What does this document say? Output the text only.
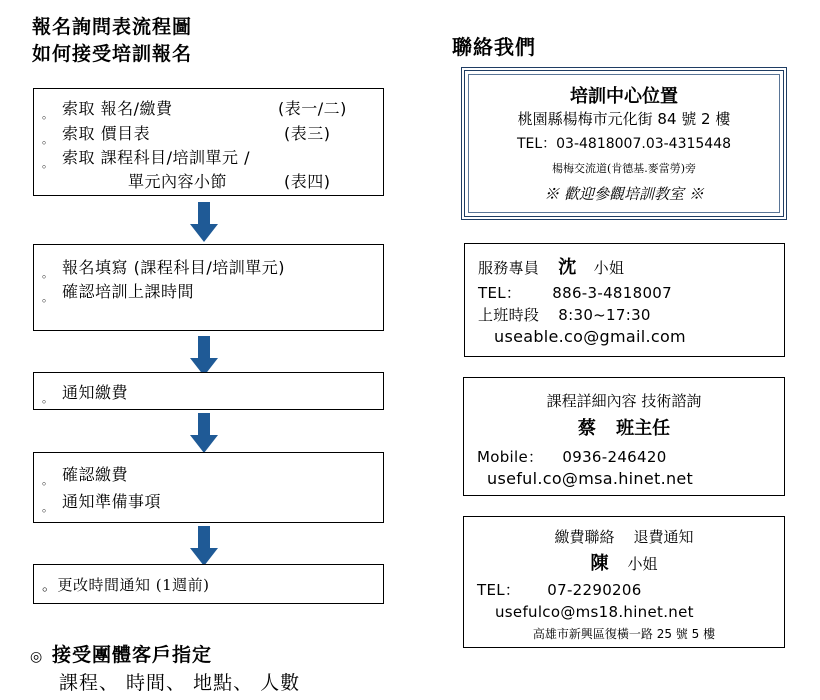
報名詢問表流程圖
如何接受培訓報名	聯絡我們
。 索取 報名/繳費	(表一/二)
。 索取 價目表	(表三)
。 索取 課程科目/培訓單元 /
單元內容小節	(表四)
。 報名填寫 (課程科目/培訓單元)
。 確認培訓上課時間
。 通知繳費
。 確認繳費
。 通知準備事項
。更改時間通知 (1週前)
培訓中心位置
桃園縣楊梅市元化街 84 號 2 樓
TEL：03-4818007.03-4315448
楊梅交流道(肯德基.麥當勞)旁
※ 歡迎參觀培訓教室 ※
服務專員 沈 小姐
TEL： 886-3-4818007
上班時段 8:30~17:30
useable.co@gmail.com
課程詳細內容 技術諮詢
蔡 班主任
Mobile： 0936-246420
useful.co@msa.hinet.net
繳費聯絡    退費通知
陳 小姐
TEL： 07-2290206
usefulco@ms18.hinet.net
高雄市新興區復橫一路 25 號 5 樓
◎ 接受團體客戶指定
課程、 時間、 地點、 人數
